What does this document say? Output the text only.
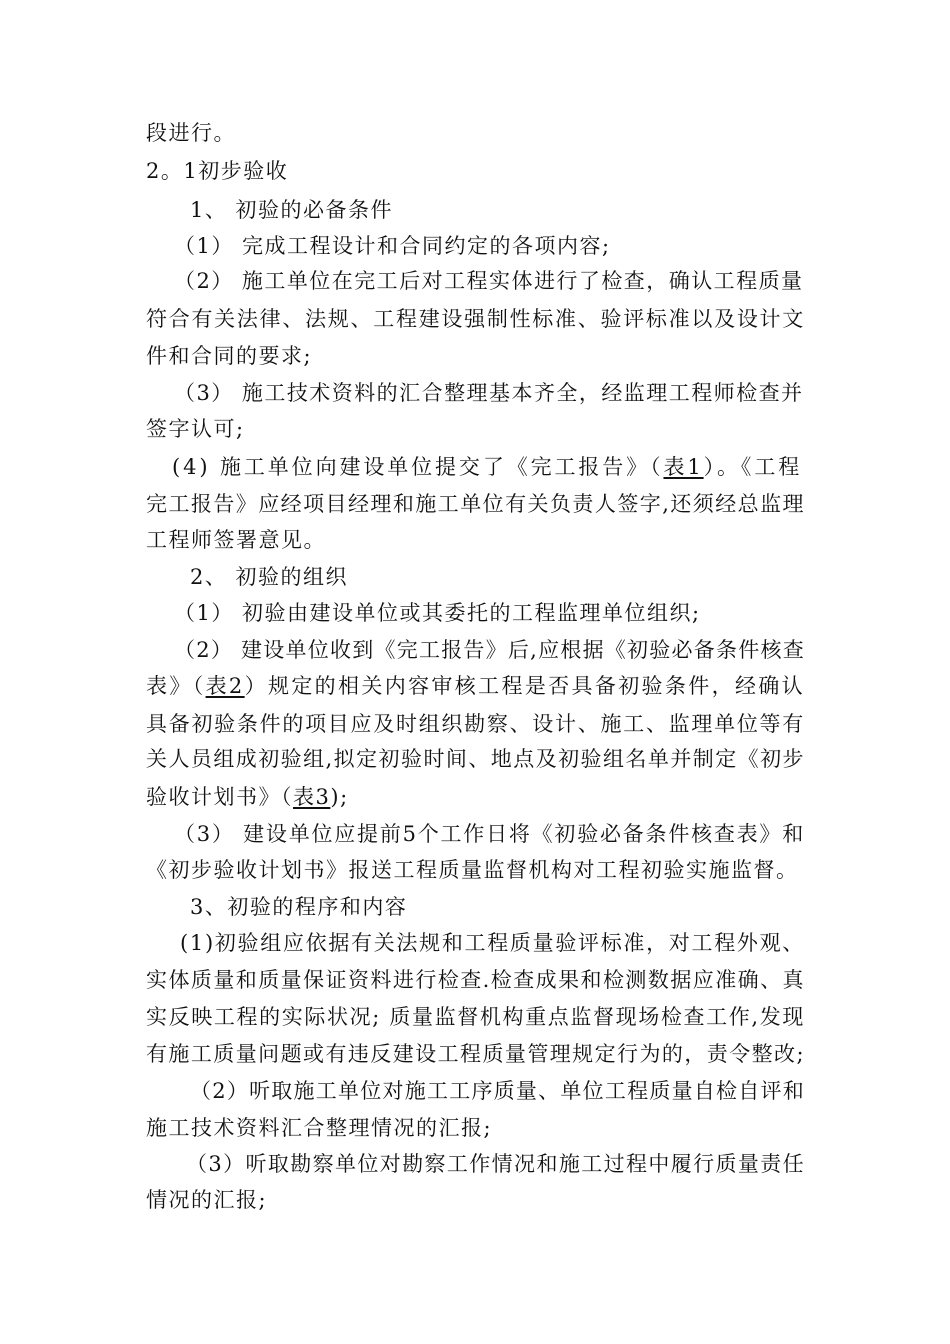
段进行。
2。1初步验收
1、 初验的必备条件
（1） 完成工程设计和合同约定的各项内容;
（2） 施工单位在完工后对工程实体进行了检查，确认工程质量
符合有关法律、法规、工程建设强制性标准、验评标准以及设计文
件和合同的要求;
（3） 施工技术资料的汇合整理基本齐全，经监理工程师检查并
签字认可;
(4) 施工单位向建设单位提交了《完工报告》（表1）。《工程
完工报告》应经项目经理和施工单位有关负责人签字,还须经总监理
工程师签署意见。
2、 初验的组织
（1） 初验由建设单位或其委托的工程监理单位组织;
（2） 建设单位收到《完工报告》后,应根据《初验必备条件核查
表》（表2）规定的相关内容审核工程是否具备初验条件，经确认
具备初验条件的项目应及时组织勘察、设计、施工、监理单位等有
关人员组成初验组,拟定初验时间、地点及初验组名单并制定《初步
验收计划书》（表3);
（3） 建设单位应提前5个工作日将《初验必备条件核查表》和
《初步验收计划书》报送工程质量监督机构对工程初验实施监督。
3、初验的程序和内容
(1)初验组应依据有关法规和工程质量验评标准，对工程外观、
实体质量和质量保证资料进行检查.检查成果和检测数据应准确、真
实反映工程的实际状况; 质量监督机构重点监督现场检查工作,发现
有施工质量问题或有违反建设工程质量管理规定行为的，责令整改;
（2）听取施工单位对施工工序质量、单位工程质量自检自评和
施工技术资料汇合整理情况的汇报;
（3）听取勘察单位对勘察工作情况和施工过程中履行质量责任
情况的汇报;
